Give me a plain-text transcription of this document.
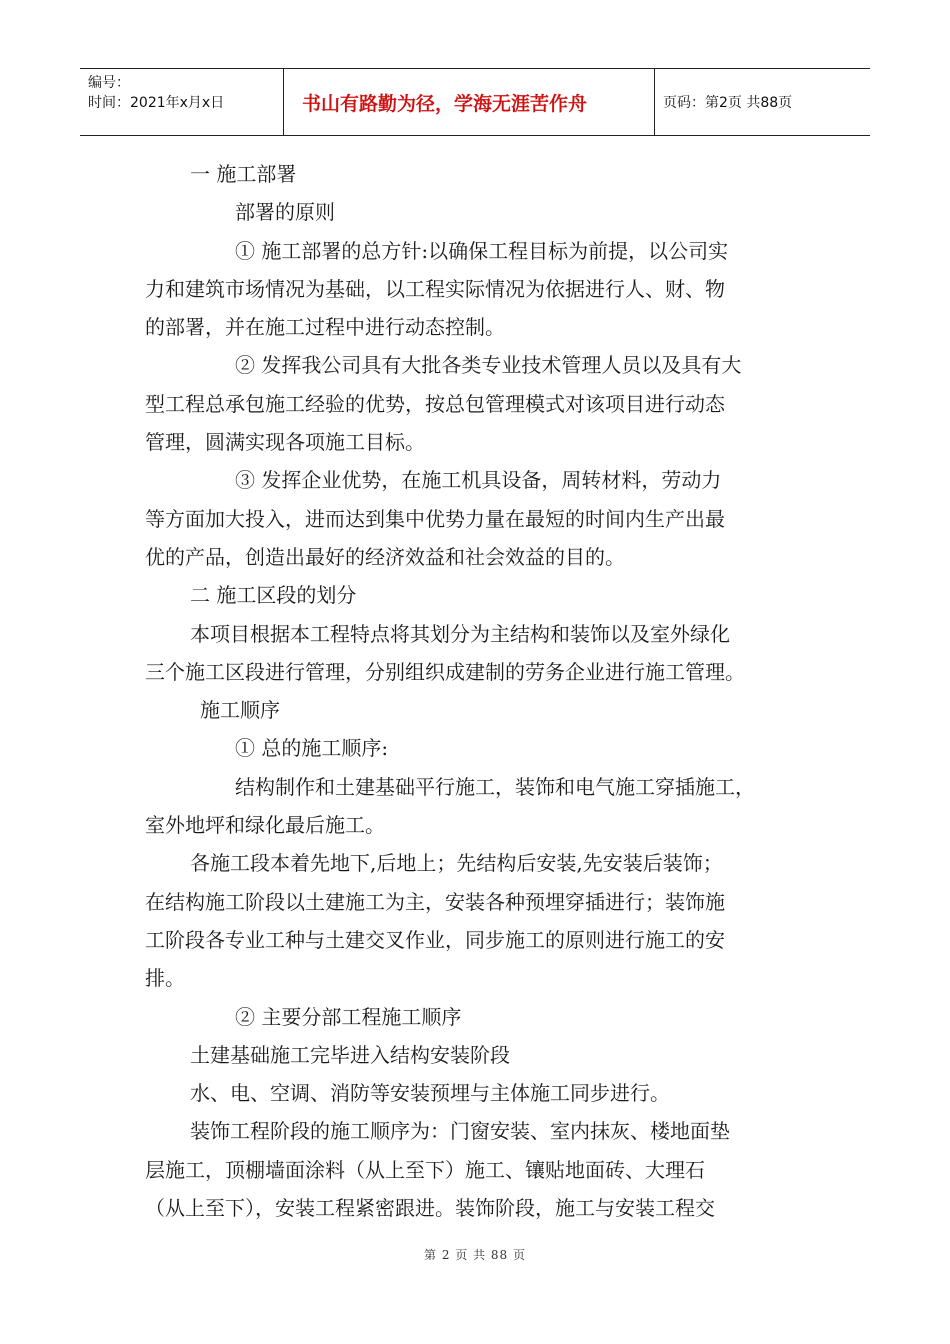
编号：
时间：2021年x月x日	书山有路勤为径，学海无涯苦作舟	页码：第2页 共88页
一 施工部署
部署的原则
① 施工部署的总方针:以确保工程目标为前提，以公司实
力和建筑市场情况为基础，以工程实际情况为依据进行人、财、物
的部署，并在施工过程中进行动态控制。
② 发挥我公司具有大批各类专业技术管理人员以及具有大
型工程总承包施工经验的优势，按总包管理模式对该项目进行动态
管理，圆满实现各项施工目标。
③ 发挥企业优势，在施工机具设备，周转材料，劳动力
等方面加大投入，进而达到集中优势力量在最短的时间内生产出最
优的产品，创造出最好的经济效益和社会效益的目的。
二 施工区段的划分
本项目根据本工程特点将其划分为主结构和装饰以及室外绿化
三个施工区段进行管理，分别组织成建制的劳务企业进行施工管理。
施工顺序
① 总的施工顺序:
结构制作和土建基础平行施工，装饰和电气施工穿插施工，
室外地坪和绿化最后施工。
各施工段本着先地下,后地上；先结构后安装,先安装后装饰；
在结构施工阶段以土建施工为主，安装各种预埋穿插进行；装饰施
工阶段各专业工种与土建交叉作业，同步施工的原则进行施工的安
排。
② 主要分部工程施工顺序
土建基础施工完毕进入结构安装阶段
水、电、空调、消防等安装预埋与主体施工同步进行。
装饰工程阶段的施工顺序为：门窗安装、室内抹灰、楼地面垫
层施工，顶棚墙面涂料（从上至下）施工、镶贴地面砖、大理石
（从上至下），安装工程紧密跟进。装饰阶段，施工与安装工程交
第 2 页 共 88 页
